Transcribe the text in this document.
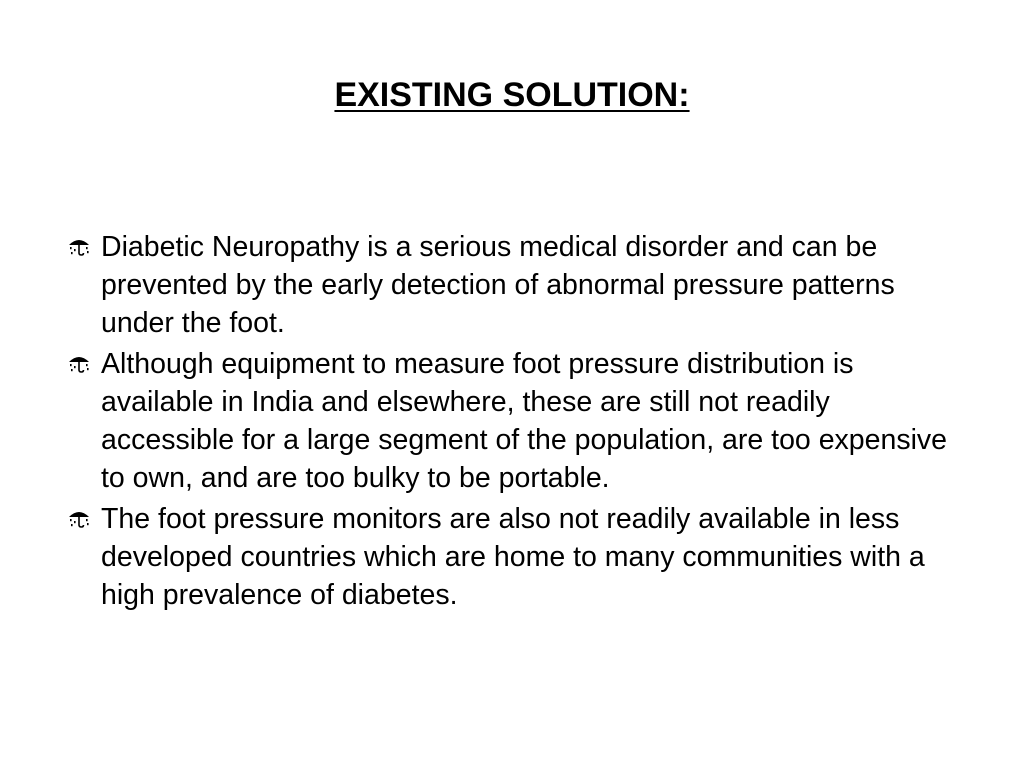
EXISTING SOLUTION:
Diabetic Neuropathy is a serious medical disorder and can be prevented by the early detection of abnormal pressure patterns under the foot.
Although equipment to measure foot pressure distribution is available in India and elsewhere, these are still not readily accessible for a large segment of the population, are too expensive to own, and are too bulky to be portable.
The foot pressure monitors are also not readily available in less developed countries which are home to many communities with a high prevalence of diabetes.
